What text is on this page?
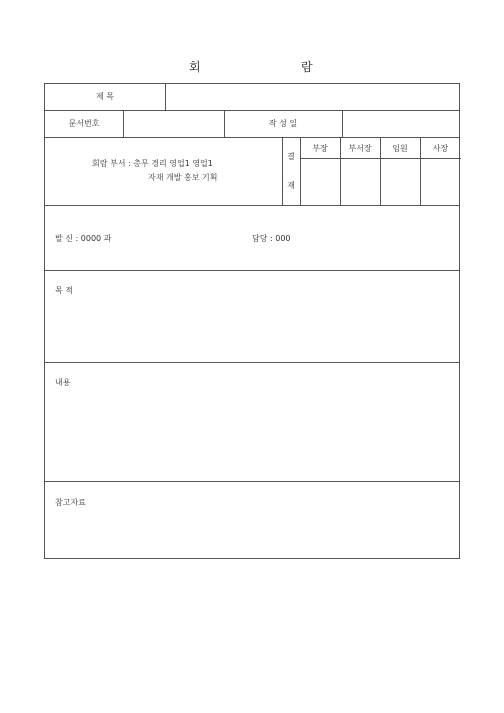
회	람
제 목
문서번호	작 성 일
회람 부서 : 총무 경리 영업1 영업1
자재 개발 홍보 기획
결
재
부장	부서장	임원	사장
발 신 : 0000 과	담당 : 000
목 적
내용
참고자료
